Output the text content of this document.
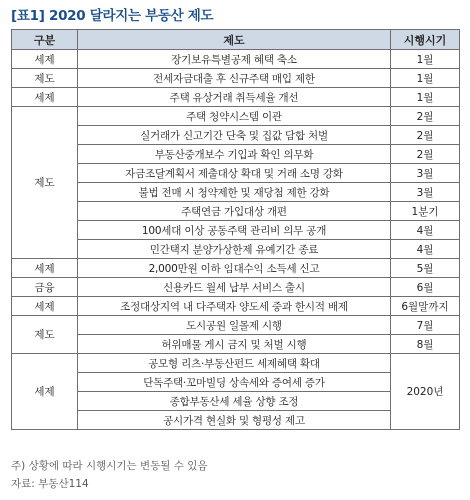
[표1] 2020 달라지는 부동산 제도
구분	제도	시행시기
세제	장기보유특별공제 혜택 축소	1월
제도	전세자금대출 후 신규주택 매입 제한	1월
세제	주택 유상거래 취득세율 개선	1월
제도	주택 청약시스템 이관	2월
	실거래가 신고기간 단축 및 집값 담합 처벌	2월
	부동산중개보수 기입과 확인 의무화	2월
	자금조달계획서 제출대상 확대 및 거래 소명 강화	3월
	불법 전매 시 청약제한 및 재당첨 제한 강화	3월
	주택연금 가입대상 개편	1분기
	100세대 이상 공동주택 관리비 의무 공개	4월
	민간택지 분양가상한제 유예기간 종료	4월
세제	2,000만원 이하 임대수익 소득세 신고	5월
금융	신용카드 월세 납부 서비스 출시	6월
세제	조정대상지역 내 다주택자 양도세 중과 한시적 배제	6월말까지
제도	도시공원 일몰제 시행	7월
	허위매물 게시 금지 및 처벌 시행	8월
세제	공모형 리츠·부동산펀드 세제혜택 확대	2020년
	단독주택·꼬마빌딩 상속세와 증여세 증가	
	종합부동산세 세율 상향 조정	
	공시가격 현실화 및 형평성 제고	
주) 상황에 따라 시행시기는 변동될 수 있음
자료: 부동산114
